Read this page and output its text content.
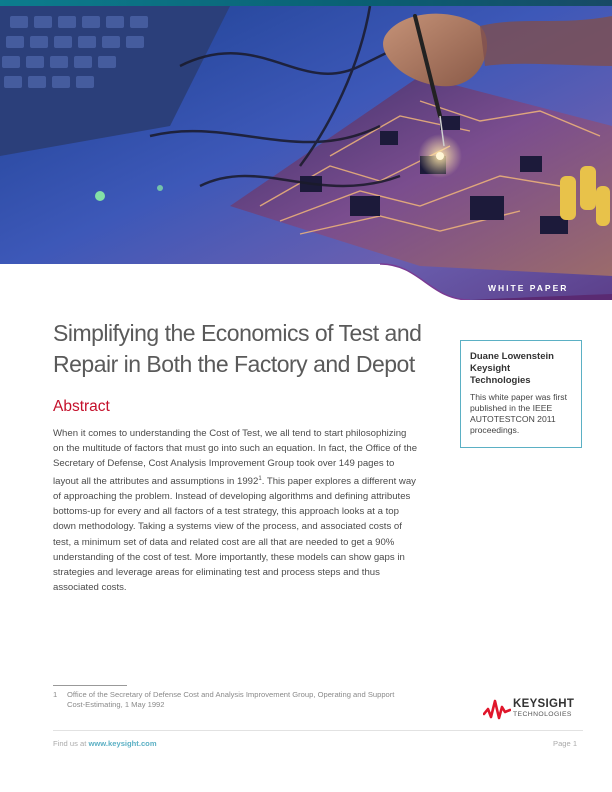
WHITE PAPER
Simplifying the Economics of Test and Repair in Both the Factory and Depot
Abstract

When it comes to understanding the Cost of Test, we all tend to start philosophizing on the multitude of factors that must go into such an equation. In fact, the Office of the Secretary of Defense, Cost Analysis Improvement Group took over 149 pages to layout all the attributes and assumptions in 1992$^1$. This paper explores a different way of approaching the problem. Instead of developing algorithms and defining attributes bottoms-up for every and all factors of a test strategy, this approach looks at a top down methodology. Taking a systems view of the process, and associated costs of test, a minimum set of data and related cost are all that are needed to get a 90% understanding of the cost of test. More importantly, these models can show gaps in strategies and leverage areas for eliminating test and process steps and thus associated costs.

Duane Lowenstein
Keysight Technologies
This white paper was first published in the IEEE AUTOTESTCON 2011 proceedings.
1 Office of the Secretary of Defense Cost and Analysis Improvement Group, Operating and Support Cost-Estimating, 1 May 1992	KEYSIGHT
TECHNOLOGIES
Find us at www.keysight.com	Page 1
